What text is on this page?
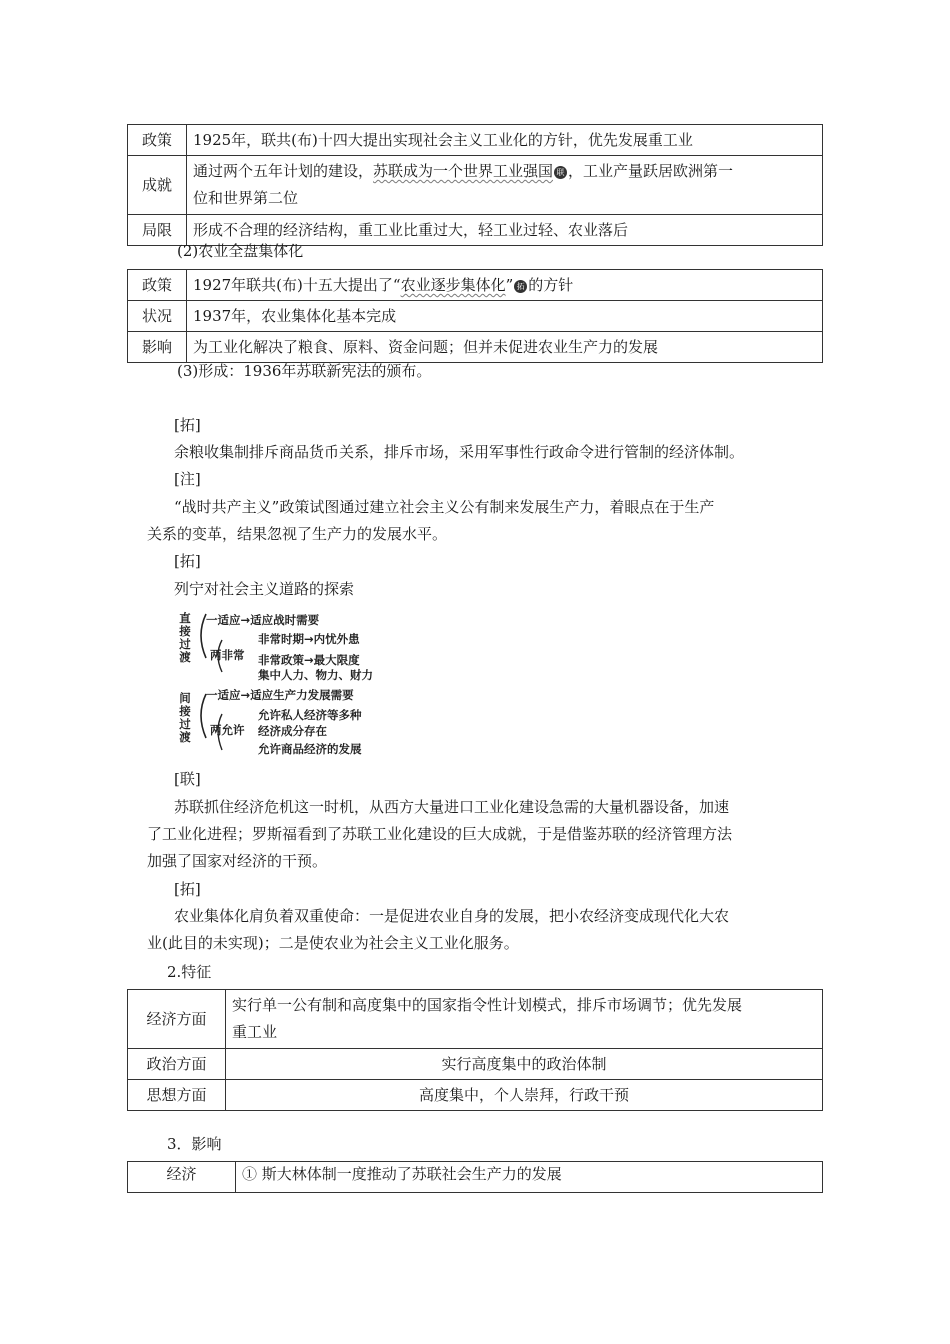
政策	1925年，联共(布)十四大提出实现社会主义工业化的方针，优先发展重工业
成就	通过两个五年计划的建设，苏联成为一个世界工业强国 联 ，工业产量跃居欧洲第一
位和世界第二位
局限	形成不合理的经济结构，重工业比重过大，轻工业过轻、农业落后
(2)农业全盘集体化
政策	1927年联共(布)十五大提出了“农业逐步集体化” 拓 的方针
状况	1937年，农业集体化基本完成
影响	为工业化解决了粮食、原料、资金问题；但并未促进农业生产力的发展
(3)形成：1936年苏联新宪法的颁布。
[拓]
余粮收集制排斥商品货币关系，排斥市场，采用军事性行政命令进行管制的经济体制。
[注]
“战时共产主义”政策试图通过建立社会主义公有制来发展生产力，着眼点在于生产
关系的变革，结果忽视了生产力的发展水平。
[拓]
列宁对社会主义道路的探索
直
接
过
渡
一适应→适应战时需要
两非常
非常时期→内忧外患
非常政策→最大限度
集中人力、物力、财力
间
接
过
渡
一适应→适应生产力发展需要
两允许
允许私人经济等多种
经济成分存在
允许商品经济的发展
[联]
苏联抓住经济危机这一时机，从西方大量进口工业化建设急需的大量机器设备，加速
了工业化进程；罗斯福看到了苏联工业化建设的巨大成就，于是借鉴苏联的经济管理方法
加强了国家对经济的干预。
[拓]
农业集体化肩负着双重使命：一是促进农业自身的发展，把小农经济变成现代化大农
业(此目的未实现)；二是使农业为社会主义工业化服务。
2.特征
经济方面	实行单一公有制和高度集中的国家指令性计划模式，排斥市场调节；优先发展
重工业
政治方面	实行高度集中的政治体制
思想方面	高度集中，个人崇拜，行政干预
3．影响
经济	① 斯大林体制一度推动了苏联社会生产力的发展
